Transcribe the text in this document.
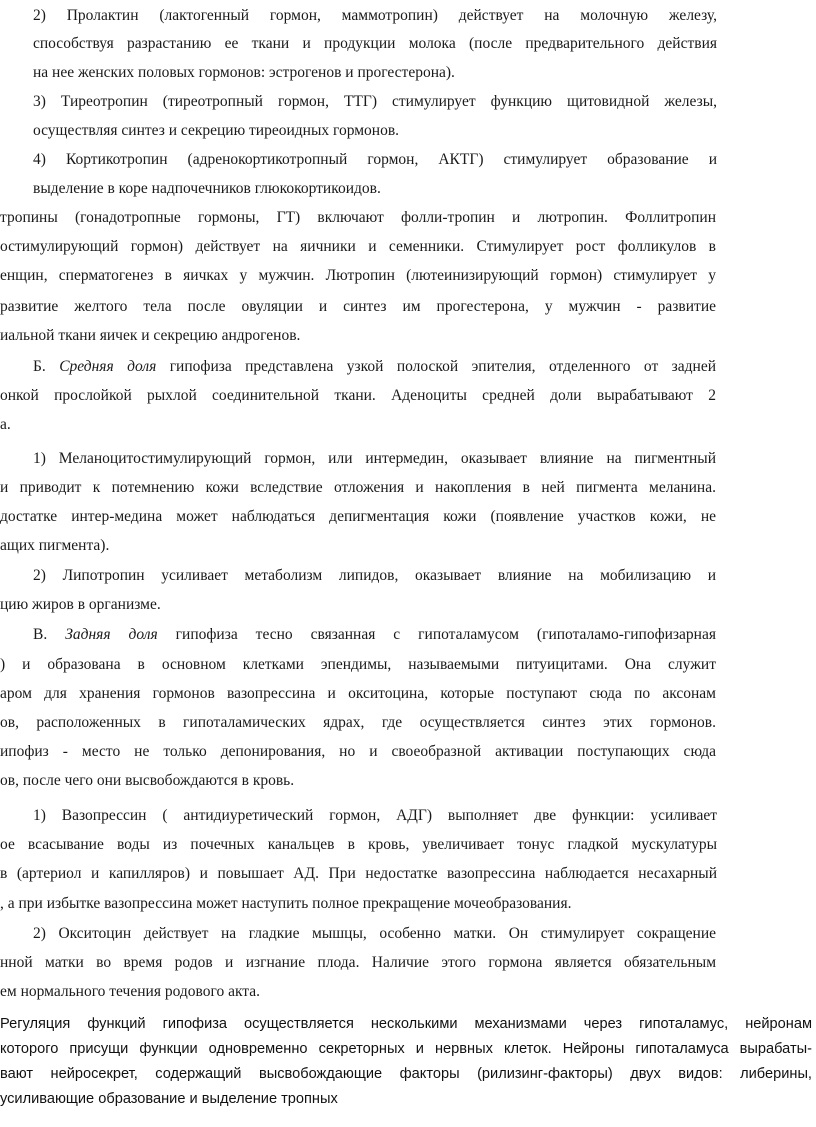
2) Пролактин (лактогенный гормон, маммотропин) действует на молочную железу,
способствуя разрастанию ее ткани и продукции молока (после предварительного действия
на нее женских половых гормонов: эстрогенов и прогестерона).
3) Тиреотропин (тиреотропный гормон, ТТГ) стимулирует функцию щитовидной железы,
осуществляя синтез и секрецию тиреоидных гормонов.
4) Кортикотропин (адренокортикотропный гормон, АКТГ) стимулирует образование и
выделение в коре надпочечников глюкокортикоидов.
тропины (гонадотропные гормоны, ГТ) включают фолли-тропин и лютропин. Фоллитропин
остимулирующий гормон) действует на яичники и семенники. Стимулирует рост фолликулов в
енщин, сперматогенез в яичках у мужчин. Лютропин (лютеинизирующий гормон) стимулирует у
развитие желтого тела после овуляции и синтез им прогестерона, у мужчин - развитие
иальной ткани яичек и секрецию андрогенов.
Б. Средняя доля гипофиза представлена узкой полоской эпителия, отделенного от задней
онкой прослойкой рыхлой соединительной ткани. Аденоциты средней доли вырабатывают 2
а.
1) Меланоцитостимулирующий гормон, или интермедин, оказывает влияние на пигментный
и приводит к потемнению кожи вследствие отложения и накопления в ней пигмента меланина.
достатке интер-медина может наблюдаться депигментация кожи (появление участков кожи, не
ащих пигмента).
2) Липотропин усиливает метаболизм липидов, оказывает влияние на мобилизацию и
цию жиров в организме.
В. Задняя доля гипофиза тесно связанная с гипоталамусом (гипоталамо-гипофизарная
) и образована в основном клетками эпендимы, называемыми питуицитами. Она служит
аром для хранения гормонов вазопрессина и окситоцина, которые поступают сюда по аксонам
ов, расположенных в гипоталамических ядрах, где осуществляется синтез этих гормонов.
ипофиз - место не только депонирования, но и своеобразной активации поступающих сюда
ов, после чего они высвобождаются в кровь.
1) Вазопрессин ( антидиуретический гормон, АДГ) выполняет две функции: усиливает
ое всасывание воды из почечных канальцев в кровь, увеличивает тонус гладкой мускулатуры
в (артериол и капилляров) и повышает АД. При недостатке вазопрессина наблюдается несахарный
, а при избытке вазопрессина может наступить полное прекращение мочеобразования.
2) Окситоцин действует на гладкие мышцы, особенно матки. Он стимулирует сокращение
нной матки во время родов и изгнание плода. Наличие этого гормона является обязательным
ем нормального течения родового акта.
Регуляция функций гипофиза осуществляется несколькими механизмами через гипоталамус, нейронам
которого присущи функции одновременно секреторных и нервных клеток. Нейроны гипоталамуса вырабаты-
вают нейросекрет, содержащий высвобождающие факторы (рилизинг-факторы) двух видов: либерины,
усиливающие образование и выделение тропных
